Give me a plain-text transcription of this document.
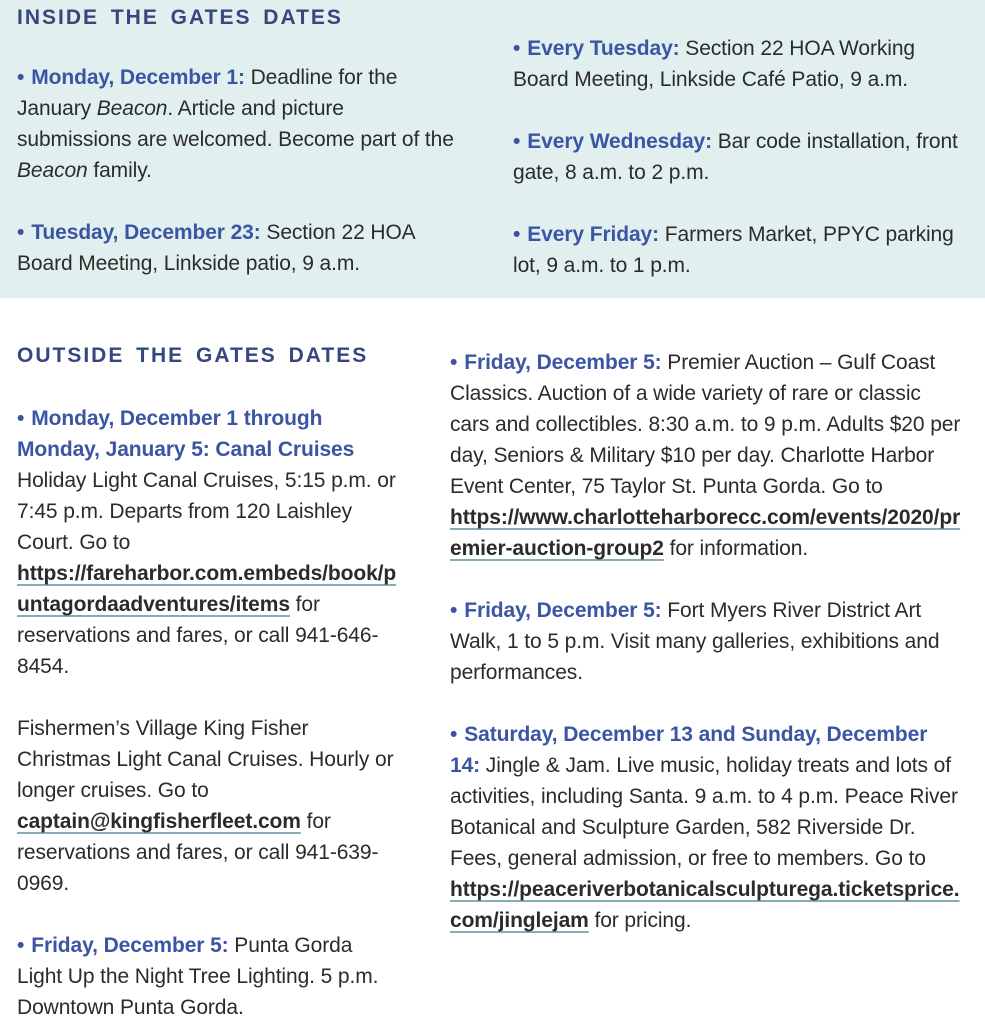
INSIDE THE GATES DATES

• Monday, December 1: Deadline for the January Beacon. Article and picture submissions are welcomed. Become part of the Beacon family.

• Tuesday, December 23: Section 22 HOA Board Meeting, Linkside patio, 9 a.m.

• Every Tuesday: Section 22 HOA Working Board Meeting, Linkside Café Patio, 9 a.m.

• Every Wednesday: Bar code installation, front gate, 8 a.m. to 2 p.m.

• Every Friday: Farmers Market, PPYC parking lot, 9 a.m. to 1 p.m.

OUTSIDE THE GATES DATES

• Monday, December 1 through Monday, January 5: Canal Cruises Holiday Light Canal Cruises, 5:15 p.m. or 7:45 p.m. Departs from 120 Laishley Court. Go to https://fareharbor.com.embeds/book/puntagordaadventures/items for reservations and fares, or call 941-646-8454.

Fishermen’s Village King Fisher Christmas Light Canal Cruises. Hourly or longer cruises. Go to captain@kingfisherfleet.com for reservations and fares, or call 941-639-0969.

• Friday, December 5: Punta Gorda Light Up the Night Tree Lighting. 5 p.m. Downtown Punta Gorda.

• Friday, December 5: Premier Auction – Gulf Coast Classics. Auction of a wide variety of rare or classic cars and collectibles. 8:30 a.m. to 9 p.m. Adults $20 per day, Seniors & Military $10 per day. Charlotte Harbor Event Center, 75 Taylor St. Punta Gorda. Go to https://www.charlotteharborecc.com/events/2020/premier-auction-group2 for information.

• Friday, December 5: Fort Myers River District Art Walk, 1 to 5 p.m. Visit many galleries, exhibitions and performances.

• Saturday, December 13 and Sunday, December 14: Jingle & Jam. Live music, holiday treats and lots of activities, including Santa. 9 a.m. to 4 p.m. Peace River Botanical and Sculpture Garden, 582 Riverside Dr. Fees, general admission, or free to members. Go to https://peaceriverbotanicalsculpturega.ticketsprice.com/jinglejam for pricing.
